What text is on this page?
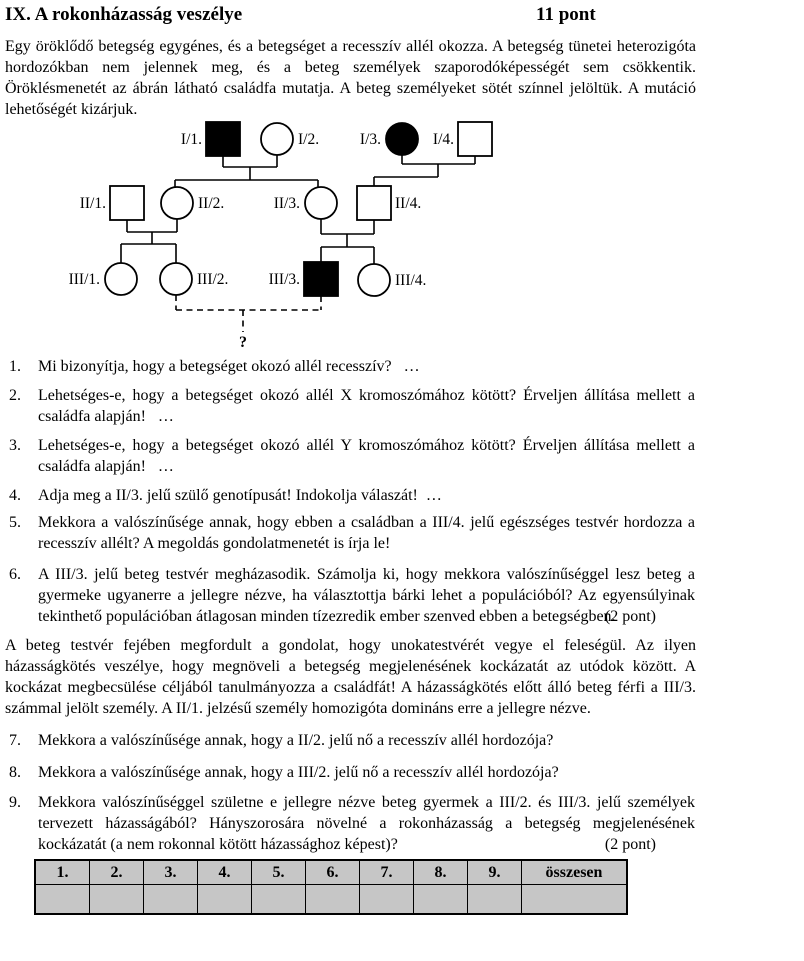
IX. A rokonházasság veszélye	11 pont
Egy öröklődő betegség egygénes, és a betegséget a recesszív allél okozza. A betegség tünetei heterozigóta hordozókban nem jelennek meg, és a beteg személyek szaporodóképességét sem csökkentik. Öröklésmenetét az ábrán látható családfa mutatja. A beteg személyeket sötét színnel jelöltük. A mutáció lehetőségét kizárjuk.
I/1.	I/2.	I/3.	I/4.
II/1.	II/2.	II/3.	II/4.
III/1.	III/2.	III/3.	III/4.
?
1.	Mi bizonyítja, hogy a betegséget okozó allél recesszív?   …
2.	Lehetséges-e, hogy a betegséget okozó allél X kromoszómához kötött? Érveljen állítása mellett a családfa alapján!   …
3.	Lehetséges-e, hogy a betegséget okozó allél Y kromoszómához kötött? Érveljen állítása mellett a családfa alapján!   …
4.	Adja meg a II/3. jelű szülő genotípusát! Indokolja válaszát!  …
5.	Mekkora a valószínűsége annak, hogy ebben a családban a III/4. jelű egészséges testvér hordozza a recesszív allélt? A megoldás gondolatmenetét is írja le!
6.	A III/3. jelű beteg testvér megházasodik. Számolja ki, hogy mekkora valószínűséggel lesz beteg a gyermeke ugyanerre a jellegre nézve, ha választottja bárki lehet a populációból? Az egyensúlyinak tekinthető populációban átlagosan minden tízezredik ember szenved ebben a betegségben.
(2 pont)
A beteg testvér fejében megfordult a gondolat, hogy unokatestvérét vegye el feleségül. Az ilyen házasságkötés veszélye, hogy megnöveli a betegség megjelenésének kockázatát az utódok között. A kockázat megbecsülése céljából tanulmányozza a családfát! A házasságkötés előtt álló beteg férfi a III/3. számmal jelölt személy. A II/1. jelzésű személy homozigóta domináns erre a jellegre nézve.
7.	Mekkora a valószínűsége annak, hogy a II/2. jelű nő a recesszív allél hordozója?
8.	Mekkora a valószínűsége annak, hogy a III/2. jelű nő a recesszív allél hordozója?
9.	Mekkora valószínűséggel születne e jellegre nézve beteg gyermek a III/2. és III/3. jelű személyek tervezett házasságából? Hányszorosára növelné a rokonházasság a betegség megjelenésének kockázatát (a nem rokonnal kötött házassághoz képest)?	(2 pont)
1.	2.	3.	4.	5.	6.	7.	8.	9.	összesen
